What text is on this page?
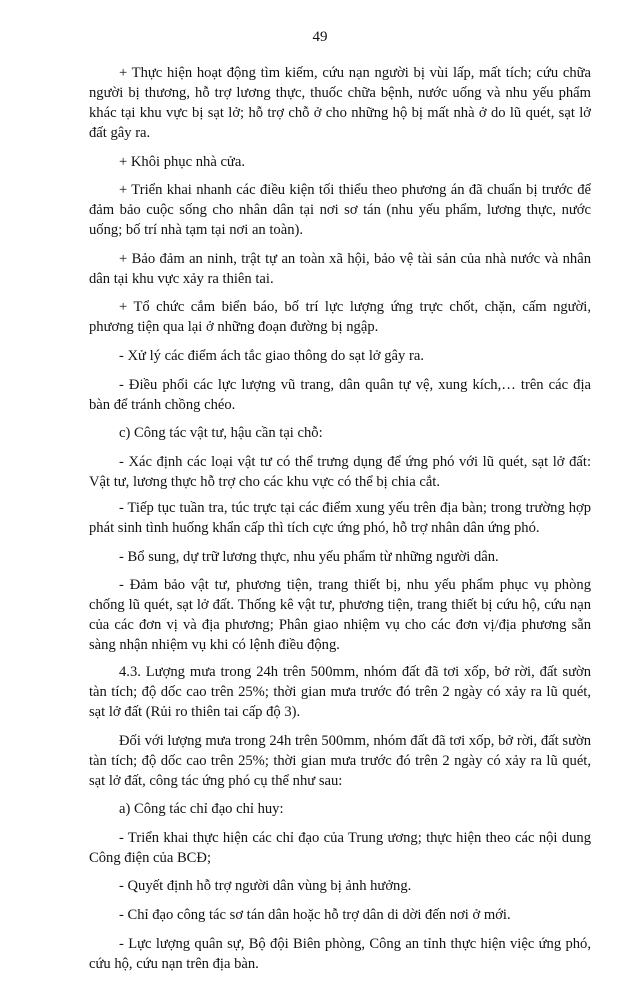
49

+ Thực hiện hoạt động tìm kiếm, cứu nạn người bị vùi lấp, mất tích; cứu chữa người bị thương, hỗ trợ lương thực, thuốc chữa bệnh, nước uống và nhu yếu phẩm khác tại khu vực bị sạt lở; hỗ trợ chỗ ở cho những hộ bị mất nhà ở do lũ quét, sạt lở đất gây ra.

+ Khôi phục nhà cửa.

+ Triển khai nhanh các điều kiện tối thiểu theo phương án đã chuẩn bị trước để đảm bảo cuộc sống cho nhân dân tại nơi sơ tán (nhu yếu phẩm, lương thực, nước uống; bố trí nhà tạm tại nơi an toàn).

+ Bảo đảm an ninh, trật tự an toàn xã hội, bảo vệ tài sản của nhà nước và nhân dân tại khu vực xảy ra thiên tai.

+ Tổ chức cắm biển báo, bố trí lực lượng ứng trực chốt, chặn, cấm người, phương tiện qua lại ở những đoạn đường bị ngập.

- Xử lý các điểm ách tắc giao thông do sạt lở gây ra.

- Điều phối các lực lượng vũ trang, dân quân tự vệ, xung kích,… trên các địa bàn để tránh chồng chéo.

c) Công tác vật tư, hậu cần tại chỗ:

- Xác định các loại vật tư có thể trưng dụng để ứng phó với lũ quét, sạt lở đất: Vật tư, lương thực hỗ trợ cho các khu vực có thể bị chia cắt.

- Tiếp tục tuần tra, túc trực tại các điểm xung yếu trên địa bàn; trong trường hợp phát sinh tình huống khẩn cấp thì tích cực ứng phó, hỗ trợ nhân dân ứng phó.

- Bổ sung, dự trữ lương thực, nhu yếu phẩm từ những người dân.

- Đảm bảo vật tư, phương tiện, trang thiết bị, nhu yếu phẩm phục vụ phòng chống lũ quét, sạt lở đất. Thống kê vật tư, phương tiện, trang thiết bị cứu hộ, cứu nạn của các đơn vị và địa phương; Phân giao nhiệm vụ cho các đơn vị/địa phương sẵn sàng nhận nhiệm vụ khi có lệnh điều động.

4.3. Lượng mưa trong 24h trên 500mm, nhóm đất đã tơi xốp, bở rời, đất sườn tàn tích; độ dốc cao trên 25%; thời gian mưa trước đó trên 2 ngày có xảy ra lũ quét, sạt lở đất (Rủi ro thiên tai cấp độ 3).

Đối với lượng mưa trong 24h trên 500mm, nhóm đất đã tơi xốp, bở rời, đất sườn tàn tích; độ dốc cao trên 25%; thời gian mưa trước đó trên 2 ngày có xảy ra lũ quét, sạt lở đất, công tác ứng phó cụ thể như sau:

a) Công tác chỉ đạo chỉ huy:

- Triển khai thực hiện các chỉ đạo của Trung ương; thực hiện theo các nội dung Công điện của BCĐ;

- Quyết định hỗ trợ người dân vùng bị ảnh hưởng.

- Chỉ đạo công tác sơ tán dân hoặc hỗ trợ dân di dời đến nơi ở mới.

- Lực lượng quân sự, Bộ đội Biên phòng, Công an tỉnh thực hiện việc ứng phó, cứu hộ, cứu nạn trên địa bàn.
